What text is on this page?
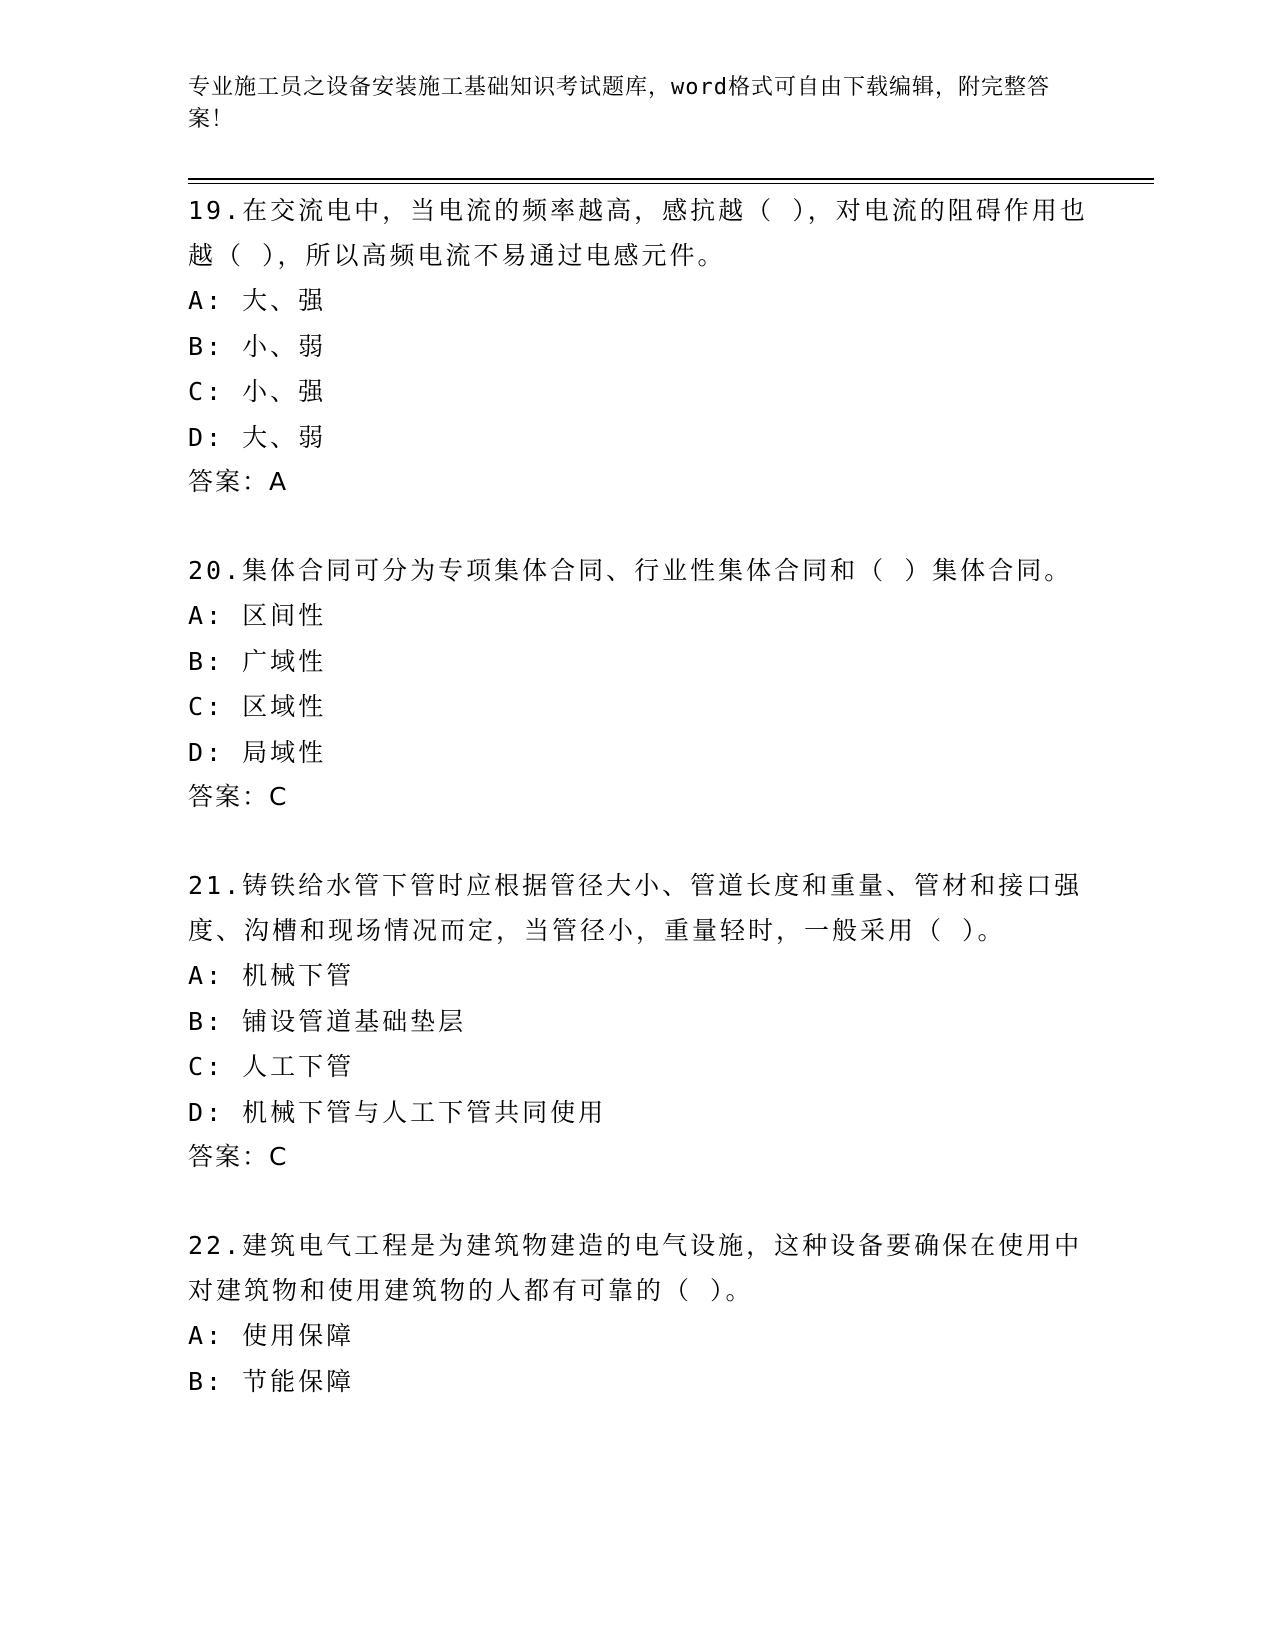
专业施工员之设备安装施工基础知识考试题库，word格式可自由下载编辑，附完整答案！

19.在交流电中，当电流的频率越高，感抗越（ ），对电流的阻碍作用也越（ ），所以高频电流不易通过电感元件。

A: 大、强

B: 小、弱

C: 小、强

D: 大、弱

答案：A

20.集体合同可分为专项集体合同、行业性集体合同和（ ）集体合同。

A: 区间性

B: 广域性

C: 区域性

D: 局域性

答案：C

21.铸铁给水管下管时应根据管径大小、管道长度和重量、管材和接口强度、沟槽和现场情况而定，当管径小，重量轻时，一般采用（ ）。

A: 机械下管

B: 铺设管道基础垫层

C: 人工下管

D: 机械下管与人工下管共同使用

答案：C

22.建筑电气工程是为建筑物建造的电气设施，这种设备要确保在使用中对建筑物和使用建筑物的人都有可靠的（ ）。

A: 使用保障

B: 节能保障
